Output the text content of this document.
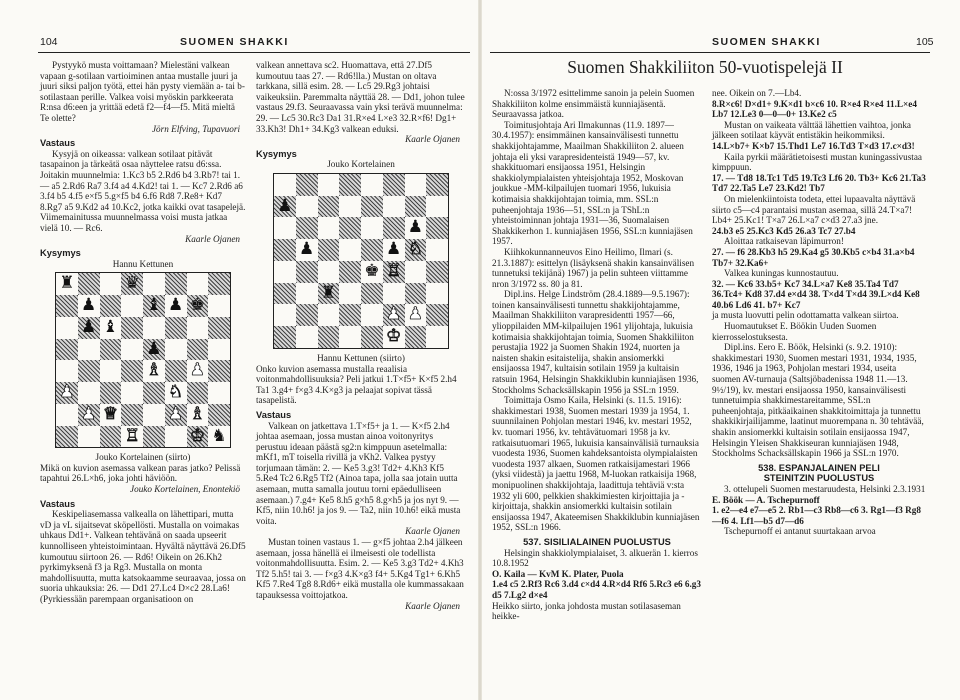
104	SUOMEN SHAKKI

Pystyykö musta voittamaan? Mielestäni valkean vapaan g-sotilaan vartioiminen antaa mustalle juuri ja juuri siksi paljon työtä, ettei hän pysty viemään a- tai b-sotilastaan perille. Valkea voisi myöskin parkkeerata R:nsa d6:een ja yrittää edetä f2—f4—f5. Mitä mieltä Te olette?

Jörn Elfving, Tupavuori

Vastaus

Kysyjä on oikeassa: valkean sotilaat pitävät tasapainon ja tärkeätä osaa näyttelee ratsu d6:ssa. Joitakin muunnelmia: 1.Kc3 b5 2.Rd6 b4 3.Rb7! tai 1. — a5 2.Rd6 Ra7 3.f4 a4 4.Kd2! tai 1. — Kc7 2.Rd6 a6 3.f4 b5 4.f5 e×f5 5.g×f5 b4 6.f6 Rd8 7.Re8+ Kd7 8.Rg7 a5 9.Kd2 a4 10.Kc2, jotka kaikki ovat tasapelejä. Viimemainitussa muunnelmassa voisi musta jatkaa vielä 10. — Rc6.

Kaarle Ojanen

Kysymys

Hannu Kettunen

♜	♛
♟	♝ ♟ ♚
♟ ♝
♟
♗ ♟
♟	♞
♟ ♕	♟ ♗
♖	♔ ♞

Jouko Kortelainen (siirto)

Mikä on kuvion asemassa valkean paras jatko? Pelissä tapahtui 26.L×h6, joka johti häviöön.

Jouko Kortelainen, Enontekiö

Vastaus

Keskipeliasemassa valkealla on lähettipari, mutta vD ja vL sijaitsevat sköpellösti. Mustalla on voimakas uhkaus Dd1+. Valkean tehtävänä on saada upseerit kunnolliseen yhteistoimintaan. Hyvältä näyttävä 26.Df5 kumoutuu siirtoon 26. — Rd6! Oikein on 26.Kh2 pyrkimyksenä f3 ja Rg3. Mustalla on monta mahdollisuutta, mutta katsokaamme seuraavaa, jossa on suoria uhkauksia: 26. — Dd1 27.Lc4 D×c2 28.La6! (Pyrkiessään parempaan organisatioon on

valkean annettava sc2. Huomattava, että 27.Df5 kumoutuu taas 27. — Rd6!lla.) Mustan on oltava tarkkana, sillä esim. 28. — Lc5 29.Rg3 johtaisi vaikeuksiin. Paremmalta näyttää 28. — Dd1, johon tulee vastaus 29.f3. Seuraavassa vain yksi terävä muunnelma: 29. — Lc5 30.Rc3 Da1 31.R×e4 L×e3 32.R×f6! Dg1+ 33.Kh3! Dh1+ 34.Kg3 valkean eduksi.

Kaarle Ojanen

Kysymys

Jouko Kortelainen

♟
♟
♟	♟ ♘
♚ ♖
♜
♟ ♟
♔

Hannu Kettunen (siirto)

Onko kuvion asemassa mustalla reaalisia voitonmahdollisuuksia? Peli jatkui 1.T×f5+ K×f5 2.h4 Ta1 3.g4+ f×g3 4.K×g3 ja pelaajat sopivat tässä tasapelistä.

Vastaus

Valkean on jatkettava 1.T×f5+ ja 1. — K×f5 2.h4 johtaa asemaan, jossa mustan ainoa voitonyritys perustuu ideaan päästä sg2:n kimppuun asetelmalla: mKf1, mT toisella rivillä ja vKh2. Valkea pystyy torjumaan tämän: 2. — Ke5 3.g3! Td2+ 4.Kh3 Kf5 5.Re4 Tc2 6.Rg5 Tf2 (Ainoa tapa, jolla saa jotain uutta asemaan, mutta samalla joutuu torni epäedulliseen asemaan.) 7.g4+ Ke5 8.h5 g×h5 8.g×h5 ja jos nyt 9. — Kf5, niin 10.h6! ja jos 9. — Ta2, niin 10.h6! eikä musta voita.

Kaarle Ojanen

Mustan toinen vastaus 1. — g×f5 johtaa 2.h4 jälkeen asemaan, jossa hänellä ei ilmeisesti ole todellista voitonmahdollisuutta. Esim. 2. — Ke5 3.g3 Td2+ 4.Kh3 Tf2 5.h5! tai 3. — f×g3 4.K×g3 f4+ 5.Kg4 Tg1+ 6.Kh5 Kf5 7.Re4 Tg8 8.Rd6+ eikä mustalla ole kummassakaan tapauksessa voittojatkoa.

Kaarle Ojanen

SUOMEN SHAKKI	105
Suomen Shakkiliiton 50-vuotispelejä II

N:ossa 3/1972 esittelimme sanoin ja pelein Suomen Shakkiliiton kolme ensimmäistä kunniajäsentä. Seuraavassa jatkoa.

Toimitusjohtaja Ari Ilmakunnas (11.9. 1897—30.4.1957): ensimmäinen kansainvälisesti tunnettu shakkijohtajamme, Maailman Shakkiliiton 2. alueen johtaja eli yksi varapresidenteistä 1949—57, kv. shakkituomari ensijaossa 1951, Helsingin shakkiolympialaisten yhteisjohtaja 1952, Moskovan joukkue -MM-kilpailujen tuomari 1956, lukuisia kotimaisia shakkijohtajan toimia, mm. SSL:n puheenjohtaja 1936—51, SSL:n ja TShL:n yhteistoiminnan johtaja 1931—36, Suomalaisen Shakkikerhon 1. kunniajäsen 1956, SSL:n kunniajäsen 1957.

Kiihkokunnanneuvos Eino Heilimo, Ilmari (s. 21.3.1887): esittelyn (lisäyksenä shakin kansainvälisen tunnetuksi tekijänä) 1967) ja pelin suhteen viittamme nron 3/1972 ss. 80 ja 81.

Dipl.ins. Helge Lindström (28.4.1889—9.5.1967): toinen kansainvälisesti tunnettu shakkijohtajamme, Maailman Shakkiliiton varapresidentti 1957—66, ylioppilaiden MM-kilpailujen 1961 ylijohtaja, lukuisia kotimaisia shakkijohtajan toimia, Suomen Shakkiliiton perustajia 1922 ja Suomen Shakin 1924, nuorten ja naisten shakin esitaistelija, shakin ansiomerkki ensijaossa 1947, kultaisin sotilain 1959 ja kultaisin ratsuin 1964, Helsingin Shakkiklubin kunniajäsen 1936, Stockholms Schacksällskapin 1956 ja SSL:n 1959.

Toimittaja Osmo Kaila, Helsinki (s. 11.5. 1916): shakkimestari 1938, Suomen mestari 1939 ja 1954, 1. suunnilainen Pohjolan mestari 1946, kv. mestari 1952, kv. tuomari 1956, kv. tehtävätuomari 1958 ja kv. ratkaisutuomari 1965, lukuisia kansainvälisiä turnauksia vuodesta 1936, Suomen kahdeksantoista olympialaisten vuodesta 1937 alkaen, Suomen ratkaisijamestari 1966 (yksi viidestä) ja jaettu 1968, M-luokan ratkaisija 1968, monipuolinen shakkijohtaja, laadittuja tehtäviä v:sta 1932 yli 600, pelkkien shakkimiesten kirjoittajia ja -kirjoittaja, shakkin ansiomerkki kultaisin sotilain ensijaossa 1947, Akateemisen Shakkiklubin kunniajäsen 1952, SSL:n 1966.

537. SISILIALAINEN PUOLUSTUS

Helsingin shakkiolympialaiset, 3. alkuerän 1. kierros 10.8.1952

O. Kaila — KvM K. Plater, Puola

1.e4 c5 2.Rf3 Rc6 3.d4 c×d4 4.R×d4 Rf6 5.Rc3 e6 6.g3 d5 7.Lg2 d×e4

Heikko siirto, jonka johdosta mustan sotilasaseman heikke-

nee. Oikein on 7.—Lb4.

8.R×c6! D×d1+ 9.K×d1 b×c6 10. R×e4 R×e4 11.L×e4 Lb7 12.Le3 0—0—0+ 13.Ke2 c5

Mustan on vaikeata välttää lähettien vaihtoa, jonka jälkeen sotilaat käyvät entistäkin heikommiksi.

14.L×b7+ K×b7 15.Thd1 Le7 16.Td3 T×d3 17.c×d3!

Kaila pyrkii määrätietoisesti mustan kuningassivustaa kimppuun.

17. — Td8 18.Tc1 Td5 19.Tc3 Lf6 20. Tb3+ Kc6 21.Ta3 Td7 22.Ta5 Le7 23.Kd2! Tb7

On mielenkiintoista todeta, ettei lupaavalta näyttävä siirto c5—c4 parantaisi mustan asemaa, sillä 24.T×a7! Lb4+ 25.Kc1! T×a7 26.L×a7 c×d3 27.a3 jne.

24.b3 e5 25.Kc3 Kd5 26.a3 Tc7 27.b4

Aloittaa ratkaisevan läpimurron!

27. — f6 28.Kb3 h5 29.Ka4 g5 30.Kb5 c×b4 31.a×b4 Tb7+ 32.Ka6+

Valkea kuningas kunnostautuu.

32. — Kc6 33.b5+ Kc7 34.L×a7 Ke8 35.Ta4 Td7 36.Tc4+ Kd8 37.d4 e×d4 38. T×d4 T×d4 39.L×d4 Ke8 40.b6 Ld6 41. b7+ Kc7

ja musta luovutti pelin odottamatta valkean siirtoa.

Huomautukset E. Böökin Uuden Suomen kierrosselostuksesta.

Dipl.ins. Eero E. Böök, Helsinki (s. 9.2. 1910): shakkimestari 1930, Suomen mestari 1931, 1934, 1935, 1936, 1946 ja 1963, Pohjolan mestari 1934, useita suomen AV-turnauja (Saltsjöbadenissa 1948 11.—13. 9½/19), kv. mestari ensijaossa 1950, kansainvälisesti tunnetuimpia shakkimestareitamme, SSL:n puheenjohtaja, pitkäaikainen shakkitoimittaja ja tunnettu shakkikirjailijamme, laatinut muorempana n. 30 tehtävää, shakin ansiomerkki kultaisin sotilain ensijaossa 1947, Helsingin Yleisen Shakkiseuran kunniajäsen 1948, Stockholms Schacksällskapin 1966 ja SSL:n 1970.

538. ESPANJALAINEN PELI
STEINITZIN PUOLUSTUS

3. ottelupeli Suomen mestaruudesta, Helsinki 2.3.1931

E. Böök — A. Tschepurnoff

1. e2—e4 e7—e5 2. Rb1—c3 Rb8—c6 3. Rg1—f3 Rg8—f6 4. Lf1—b5 d7—d6

Tschepurnoff ei antanut suurtakaan arvoa
